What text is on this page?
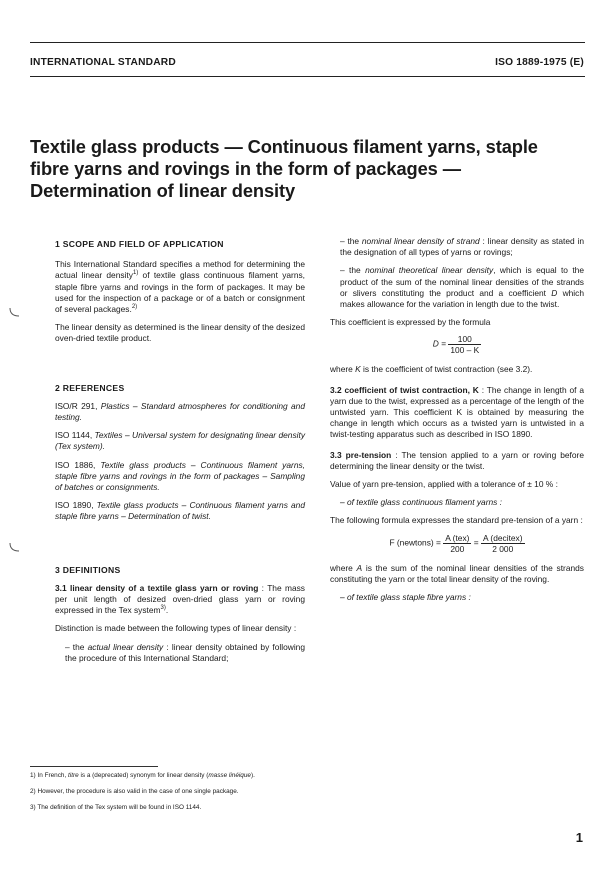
INTERNATIONAL STANDARD	ISO 1889-1975 (E)
Textile glass products — Continuous filament yarns, staple
fibre yarns and rovings in the form of packages —
Determination of linear density

1 SCOPE AND FIELD OF APPLICATION

This International Standard specifies a method for determining the actual linear density$^{1)}$ of textile glass continuous filament yarns, staple fibre yarns and rovings in the form of packages. It may be used for the inspection of a package or of a batch or consignment of several packages.$^{2)}$

The linear density as determined is the linear density of the desized oven-dried textile product.

2 REFERENCES

ISO/R 291, Plastics – Standard atmospheres for conditioning and testing.

ISO 1144, Textiles – Universal system for designating linear density (Tex system).

ISO 1886, Textile glass products – Continuous filament yarns, staple fibre yarns and rovings in the form of packages – Sampling of batches or consignments.

ISO 1890, Textile glass products – Continuous filament yarns and staple fibre yarns – Determination of twist.

3 DEFINITIONS

3.1 linear density of a textile glass yarn or roving : The mass per unit length of desized oven-dried glass yarn or roving expressed in the Tex system$^{3)}$.

Distinction is made between the following types of linear density :

– the actual linear density : linear density obtained by following the procedure of this International Standard;

– the nominal linear density of strand : linear density as stated in the designation of all types of yarns or rovings;

– the nominal theoretical linear density, which is equal to the product of the sum of the nominal linear densities of the strands or slivers constituting the product and a coefficient D which makes allowance for the variation in length due to the twist.

This coefficient is expressed by the formula

$D = \frac{100}{100 - K}$

where K is the coefficient of twist contraction (see 3.2).

3.2 coefficient of twist contraction, K : The change in length of a yarn due to the twist, expressed as a percentage of the length of the untwisted yarn. This coefficient K is obtained by measuring the change in length which occurs as a twisted yarn is untwisted in a twist-testing apparatus such as described in ISO 1890.

3.3 pre-tension : The tension applied to a yarn or roving before determining the linear density or the twist.

Value of yarn pre-tension, applied with a tolerance of ± 10 % :

– of textile glass continuous filament yarns :

The following formula expresses the standard pre-tension of a yarn :

F (newtons) = $\frac{\text{A (tex)}}{200} = \frac{\text{A (decitex)}}{2 000}$

where A is the sum of the nominal linear densities of the strands constituting the yarn or the total linear density of the roving.

– of textile glass staple fibre yarns :

1) In French, titre is a (deprecated) synonym for linear density (masse linéique).
2) However, the procedure is also valid in the case of one single package.
3) The definition of the Tex system will be found in ISO 1144.
1
